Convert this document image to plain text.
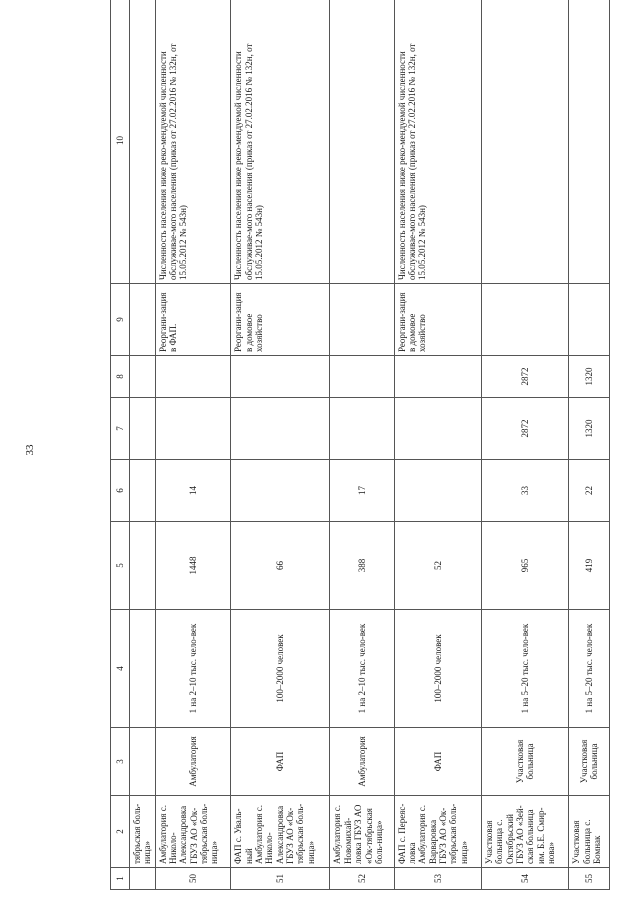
33
1	2	3	4	5	6	7	8	9	10
	тябрьская боль-ница»								
50	Амбулатория с. Николо-Александровка ГБУЗ АО «Ок-тябрьская боль-ница»	Амбулатория	1 на 2–10 тыс. чело-век	1448	14			Реоргани-зация в ФАП.	Численность населения ниже реко-мендуемой численности обслуживае-мого населения (приказ от 27.02.2016 № 132н, от 15.05.2012 № 543н)
51	ФАП с. Уваль-ный Амбулатория с. Николо-Александровка ГБУЗ АО «Ок-тябрьская боль-ница»	ФАП	100–2000 человек	66				Реоргани-зация в домовое хозяйство	Численность населения ниже реко-мендуемой численности обслуживае-мого населения (приказ от 27.02.2016 № 132н, от 15.05.2012 № 543н)
52	Амбулатория с. Новомихай-ловка ГБУЗ АО «Ок-тябрьская боль-ница»	Амбулатория	1 на 2–10 тыс. чело-век	388	17				
53	ФАП с. Переяс-ловка Амбулатория с. Варваровка ГБУЗ АО «Ок-тябрьская боль-ница»	ФАП	100–2000 человек	52				Реоргани-зация в домовое хозяйство	Численность населения ниже реко-мендуемой численности обслуживае-мого населения (приказ от 27.02.2016 № 132н, от 15.05.2012 № 543н)
54	Участковая больница с. Октябрьский ГБУЗ АО «Зей-ская больница им. Б.Е. Смир-нова»	Участковая больница	1 на 5–20 тыс. чело-век	965	33	2872	2872		
55	Участковая больница с. Бомнак	Участковая больница	1 на 5–20 тыс. чело-век	419	22	1320	1320		
